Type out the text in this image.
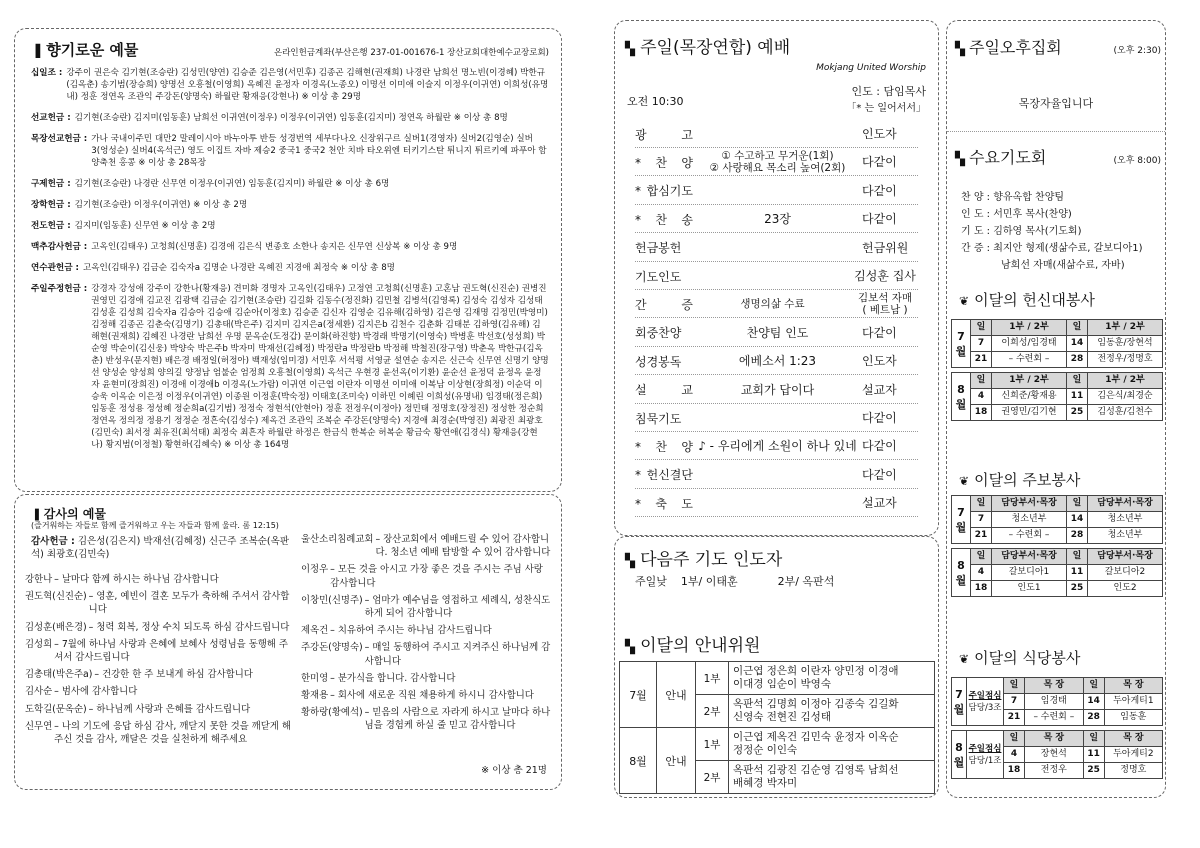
▐ 향기로운 예물	온라인헌금계좌(부산은행 237-01-001676-1 장산교회대한예수교장로회)
십일조 : 강주이 권은숙 김기현(조승란) 김성민(양연) 김승준 김은영(서민후) 김종곤 김해현(권재희) 나경란 남희선 명노빈(이경혜) 박한규(김옥춘) 송기범(장승희) 양명선 오흥철(이영희) 옥혜진 윤정자 이경옥(노종오) 이명선 이미애 이슬지 이정우(이귀연) 이희성(유명내) 정훈 정연옥 조관익 주강돈(양명숙) 하월란 황재응(강현나) ※ 이상 총 29명
선교헌금 : 김기현(조승란) 김지미(임동훈) 남희선 이귀연(이정우) 이정우(이귀연) 임동훈(김지미) 정연옥 하월란 ※ 이상 총 8명
목장선교헌금 : 가나 국내이주민 대만2 말레이시아 바누아투 반등 성경번역 세부다나오 신장위구르 실버1(경영자) 실버2(김영순) 실버3(엉성순) 실버4(옥석근) 영도 이집트 자바 제승2 중국1 중국2 천안 치바 타오위엔 터키기스탄 튀니지 튀르키예 파푸아 함양축천 홍콩 ※ 이상 총 28목장
구제헌금 : 김기현(조승란) 나경란 신무연 이정우(이귀연) 임동훈(김지미) 하월란 ※ 이상 총 6명
장학헌금 : 김기현(조승란) 이정우(이귀연) ※ 이상 총 2명
전도헌금 : 김지미(임동훈) 신무연 ※ 이상 총 2명
맥추감사헌금 : 고옥인(김태우) 고청희(신명훈) 김경애 김은식 변종호 소한나 송지은 신무연 신상복 ※ 이상 총 9명
연수관헌금 : 고옥인(김태우) 김금순 김숙자a 김명순 나경란 옥혜진 지경애 최정숙 ※ 이상 총 8명
주일주정헌금 : 강경자 강성애 강주이 강한나(황재응) 견미화 경명자 고옥인(김태우) 고정연 고청희(신명훈) 고혼남 권도혁(신진순) 권병진 권영민 김경애 김교진 김광택 김금순 김기현(조승란) 김길화 김동수(정진화) 김민철 김병석(김영록) 김성숙 김성자 김성태 김성훈 김성희 김숙자a 김승아 김승애 김순아(이정호) 김승준 김신자 김영순 김유해(김하영) 김은영 김재명 김정민(박영미) 김정해 김종곤 김춘숙(김명기) 김총태(박은주) 김지미 김지은a(정세환) 김지은b 김천수 김춘화 김태분 김하영(김유해) 김해현(권재희) 김혜진 나경란 남희선 우명 문옥순(도정갑) 문이화(하진향) 박경래 박명기(이영숙) 박병훈 박선호(성성희) 박순영 박순이(김신웅) 박양숙 박은주b 박자미 박재선(김혜정) 박정란a 박정란b 박정해 박철진(장구영) 박춘옥 박한규(김옥춘) 반성우(문지현) 배은경 배정일(허정아) 백재성(임미경) 서민후 서석평 서영균 설연순 송지은 신근숙 신무연 신명기 양명선 양성순 양성희 양의길 양정남 엄불순 엄정희 오흥철(이영희) 옥석근 우현경 윤선옥(이기환) 윤순선 윤정덕 윤정옥 윤정자 윤현미(장희진) 이경애 이경애b 이경옥(노가람) 이귀연 이근엽 이란자 이명선 이미애 이복남 이상현(장희정) 이순덕 이승욱 이옥순 이은정 이정우(이귀연) 이종원 이정훈(박숙정) 이태호(조미숙) 이하민 이혜린 이희성(유명내) 임경태(정은희) 임동훈 정성용 정성혜 정순희a(김기범) 정정숙 정현석(안현아) 정훈 전정우(이정아) 정민태 정명호(장정진) 정성한 정순희 정연옥 정의정 정용기 정정순 정흔숙(김성수) 제옥건 조관익 조복순 주강돈(양명숙) 지경애 최경순(박영진) 최광진 최광호(김민숙) 최서정 최유진(최석태) 최정숙 최흔자 하월란 하정은 한금식 한복순 허복순 황금숙 황연애(김경식) 황재응(강현나) 황지범(이정철) 황현하(김혜숙) ※ 이상 총 164명
▐ 감사의 예물
(즐거워하는 자들로 함께 즐거워하고 우는 자들과 함께 울라. 롬 12:15)
감사헌금 : 김은성(김은지) 박재선(김혜정) 신근주 조복순(옥판석) 최광호(김민숙)
강한나 – 날마다 함께 하시는 하나님 감사합니다
권도혁(신진순) – 영훈, 예빈이 결혼 모두가 축하해 주셔서 감사합니다
김성훈(배은경) – 청력 회복, 정상 수치 되도록 하심 감사드립니다
김성희 – 7월에 하나님 사랑과 은혜에 보혜사 성령님을 동행해 주셔서 감사드립니다
김총태(박은주a) – 건강한 한 주 보내게 하심 감사합니다
김사순 – 범사에 감사합니다
도학길(문옥순) – 하나님께 사랑과 은혜를 감사드립니다
신무연 – 나의 기도에 응답 하심 감사, 깨닫지 못한 것을 깨닫게 해주신 것을 감사, 깨달은 것을 실천하게 해주세요
울산소리침례교회 – 장산교회에서 예배드릴 수 있어 감사합니다. 청소년 예배 탐방할 수 있어 감사합니다
이정우 – 모든 것을 아시고 가장 좋은 것을 주시는 주님 사랑 감사합니다
이창민(신명주) – 엄마가 예수님을 영접하고 세례식, 성찬식도 하게 되어 감사합니다
제옥건 – 치유하여 주시는 하나님 감사드립니다
주강돈(양명숙) – 매일 동행하여 주시고 지켜주신 하나님께 감사합니다
한미영 – 분가식을 합니다. 감사합니다
황재용 – 회사에 새로운 직원 채용하게 하시니 감사합니다
황하랑(황예석) – 믿음의 사람으로 자라게 하시고 날마다 하나님을 경험케 하실 줄 믿고 감사합니다
※ 이상 총 21명
▚ 주일(목장연합) 예배
Mokjang United Worship
오전 10:30
인도 : 담임목사
「* 는 일어서서」
광 고	인도자
* 찬 양	① 수고하고 무거운(1회)
② 사랑해요 목소리 높여(2회)	다같이
* 합심기도	다같이
* 찬 송	23장	다같이
헌금봉헌	헌금위원
기도인도	김성훈 집사
간 증	생명의삶 수료	김보석 자매
( 베트남 )
회중찬양	찬양팀 인도	다같이
성경봉독	에베소서 1:23	인도자
설 교	교회가 답이다	설교자
침묵기도	다같이
* 찬 양 ♪ - 우리에게 소원이 하나 있네 다같이
* 헌신결단	다같이
* 축 도	설교자
▚ 다음주 기도 인도자
주일낮 1부/ 이태훈	2부/ 옥판석
▚ 이달의 안내위원
7월	안내	1부	이근엽 정은희 이란자 양민정 이경애
이대경 임순이 박영숙
		2부	옥판석 김명희 이정아 김종숙 김길화
신영숙 전현진 김성태
8월	안내	1부	이근엽 제옥건 김민숙 윤정자 이옥순
정정순 이인숙
		2부	옥판석 김광진 김순영 김영록 남희선
배혜경 박자미
▚ 주일오후집회	(오후 2:30)
목장자율입니다
▚ 수요기도회	(오후 8:00)
찬 양 : 향유옥합 찬양팀
인 도 : 서민후 목사(찬양)
기 도 : 김하영 목사(기도회)
간 증 : 최지안 형제(생삶수료, 갈보디아1)
남희선 자매(새삶수료, 자바)
❦ 이달의 헌신대봉사
7월	일	1부 / 2부	일	1부 / 2부
	7	이희성/임경태	14	임동훈/장현석
	21	– 수련회 –	28	전정우/정명호

8월	일	1부 / 2부	일	1부 / 2부
	4	신희준/황재용	11	김은식/최경순
	18	권영민/김기현	25	김성훈/김천수

❦ 이달의 주보봉사
7월	일	담당부서·목장	일	담당부서·목장
	7	청소년부	14	청소년부
	21	– 수련회 –	28	청소년부

8월	일	담당부서·목장	일	담당부서·목장
	4	갈보디아1	11	갈보디아2
	18	인도1	25	인도2

❦ 이달의 식당봉사
7월	주일점심
담당/3조	일	목 장	일	목 장
		7	임경태	14	두아게티1
		21	– 수련회 –	28	임동훈

8월	주일점심
담당/1조	일	목 장	일	목 장
		4	장현석	11	두아게티2
		18	전정우	25	정명호
